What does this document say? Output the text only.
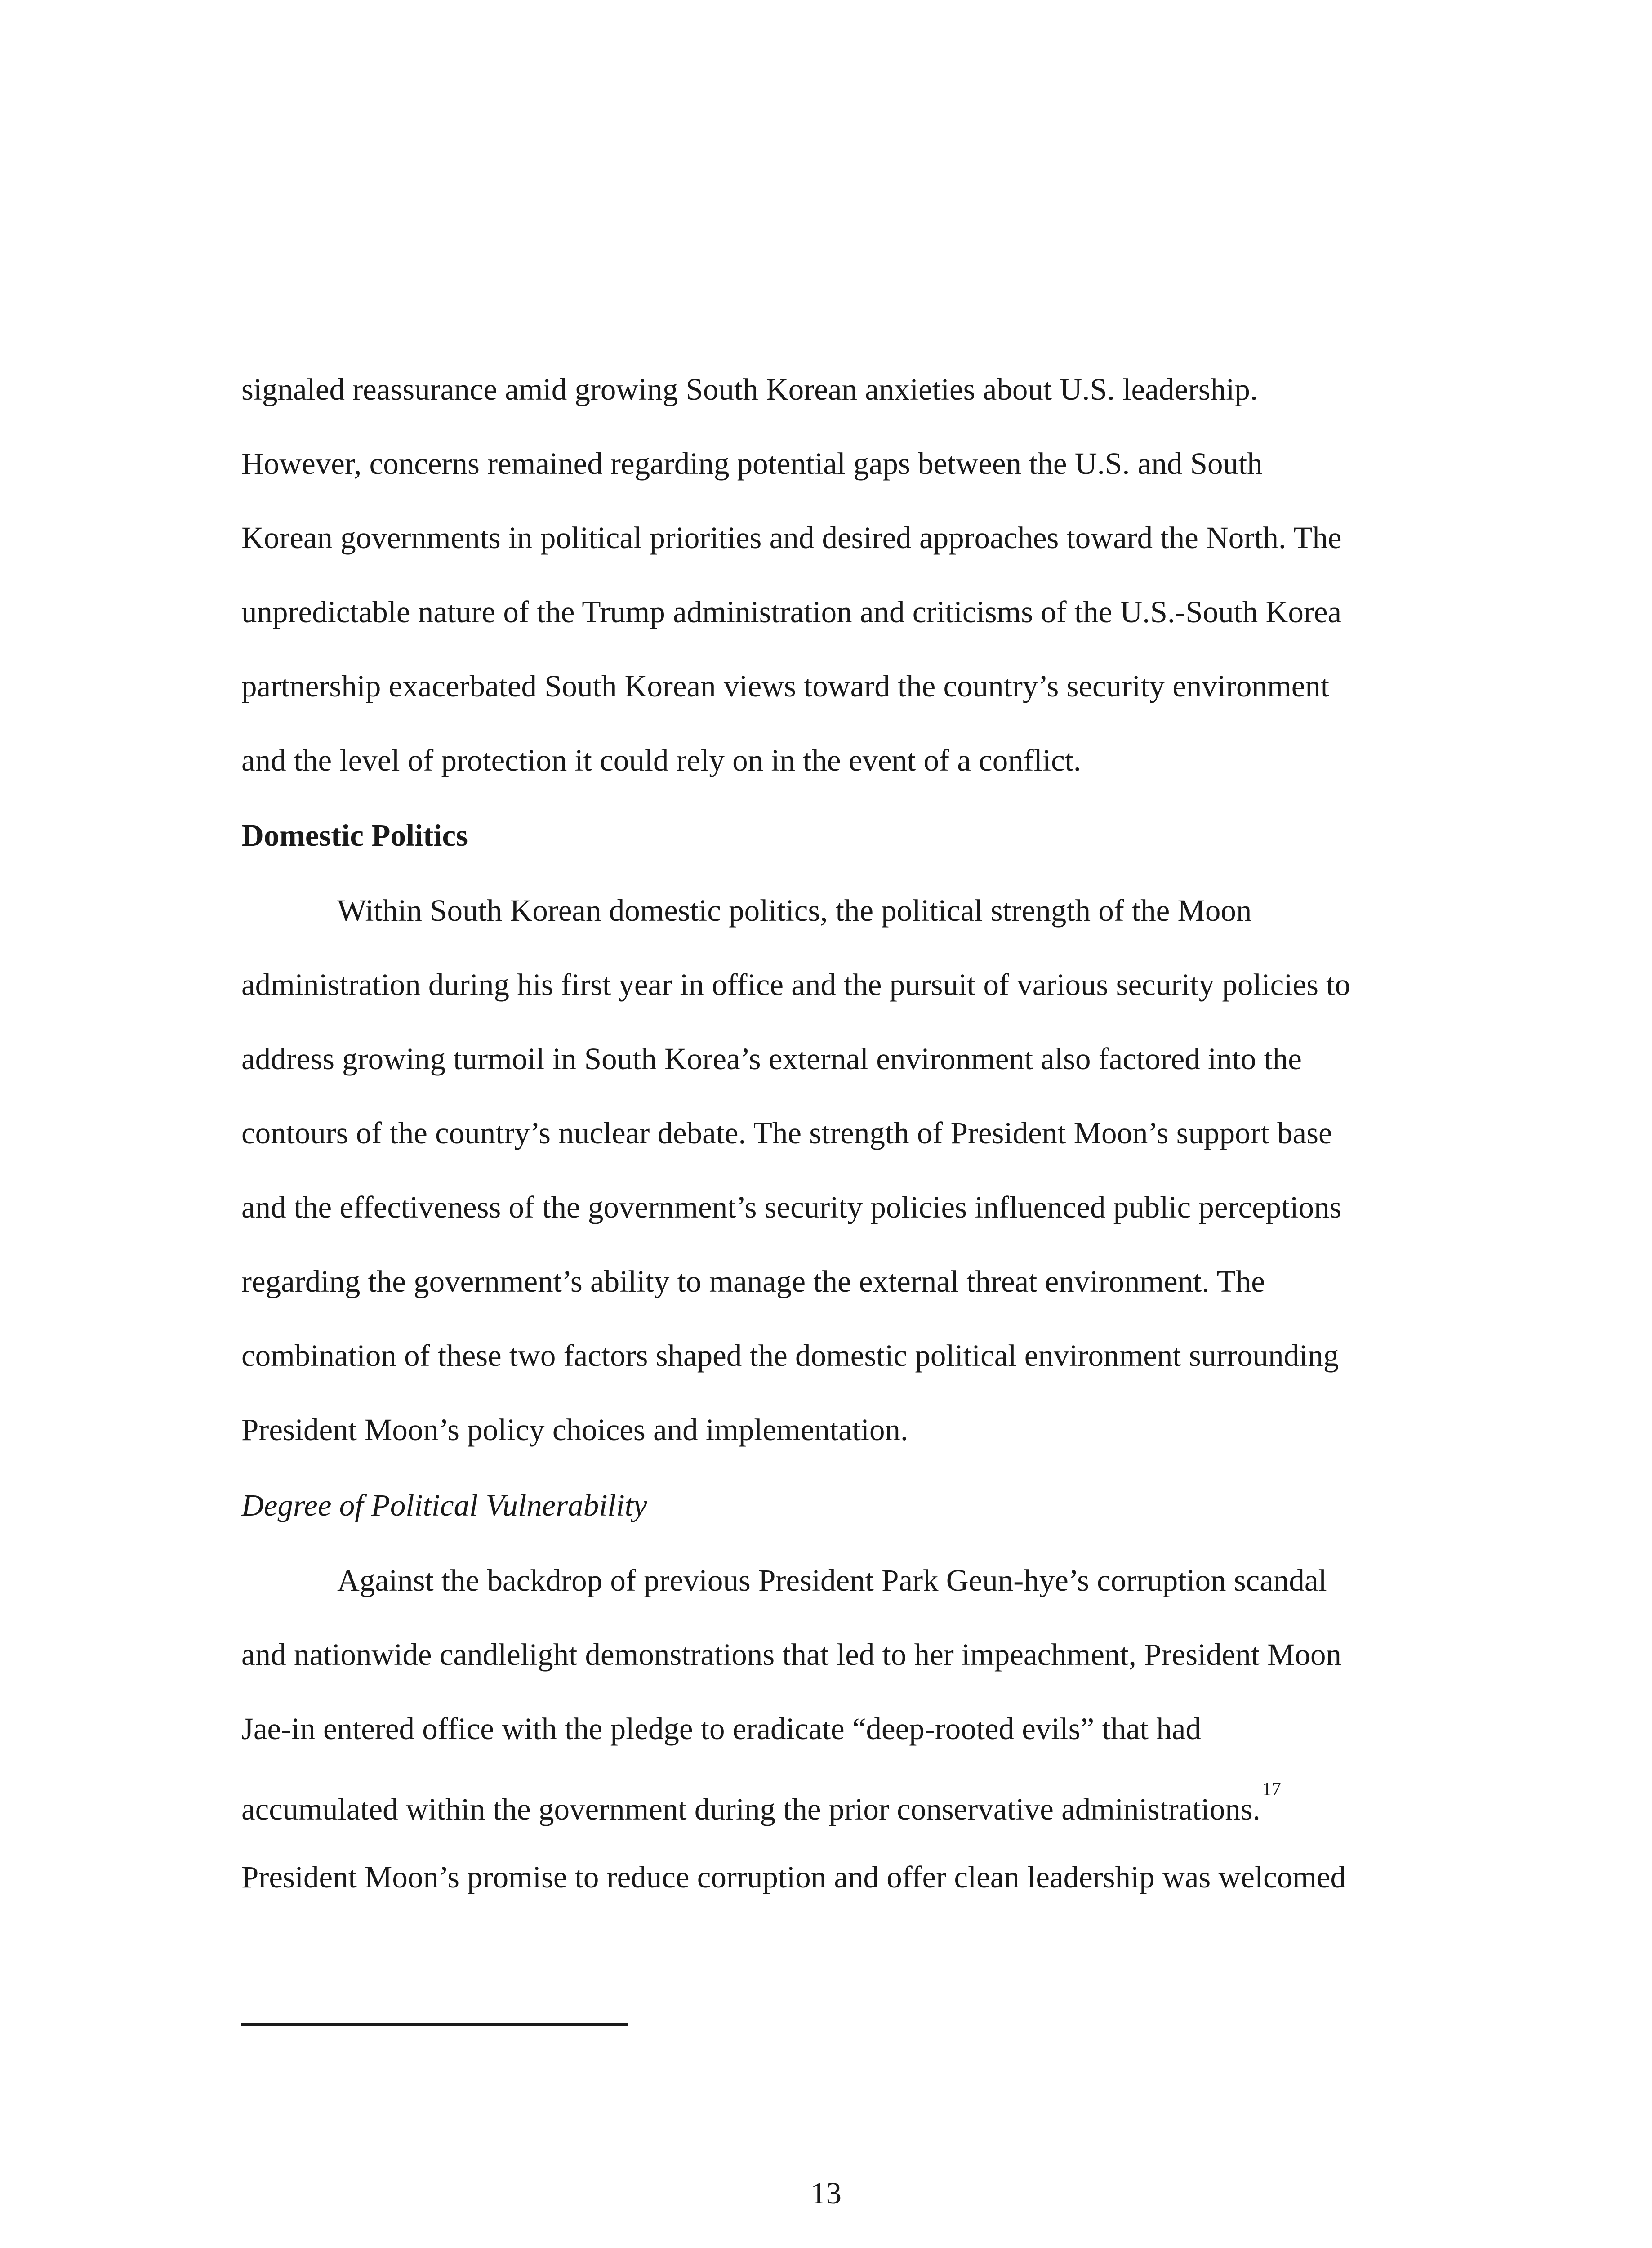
signaled reassurance amid growing South Korean anxieties about U.S. leadership.
However, concerns remained regarding potential gaps between the U.S. and South
Korean governments in political priorities and desired approaches toward the North. The
unpredictable nature of the Trump administration and criticisms of the U.S.-South Korea
partnership exacerbated South Korean views toward the country’s security environment
and the level of protection it could rely on in the event of a conflict.
Domestic Politics
Within South Korean domestic politics, the political strength of the Moon
administration during his first year in office and the pursuit of various security policies to
address growing turmoil in South Korea’s external environment also factored into the
contours of the country’s nuclear debate. The strength of President Moon’s support base
and the effectiveness of the government’s security policies influenced public perceptions
regarding the government’s ability to manage the external threat environment. The
combination of these two factors shaped the domestic political environment surrounding
President Moon’s policy choices and implementation.
Degree of Political Vulnerability
Against the backdrop of previous President Park Geun-hye’s corruption scandal
and nationwide candlelight demonstrations that led to her impeachment, President Moon
Jae-in entered office with the pledge to eradicate “deep-rooted evils” that had
accumulated within the government during the prior conservative administrations.$^{17}$
President Moon’s promise to reduce corruption and offer clean leadership was welcomed
13
